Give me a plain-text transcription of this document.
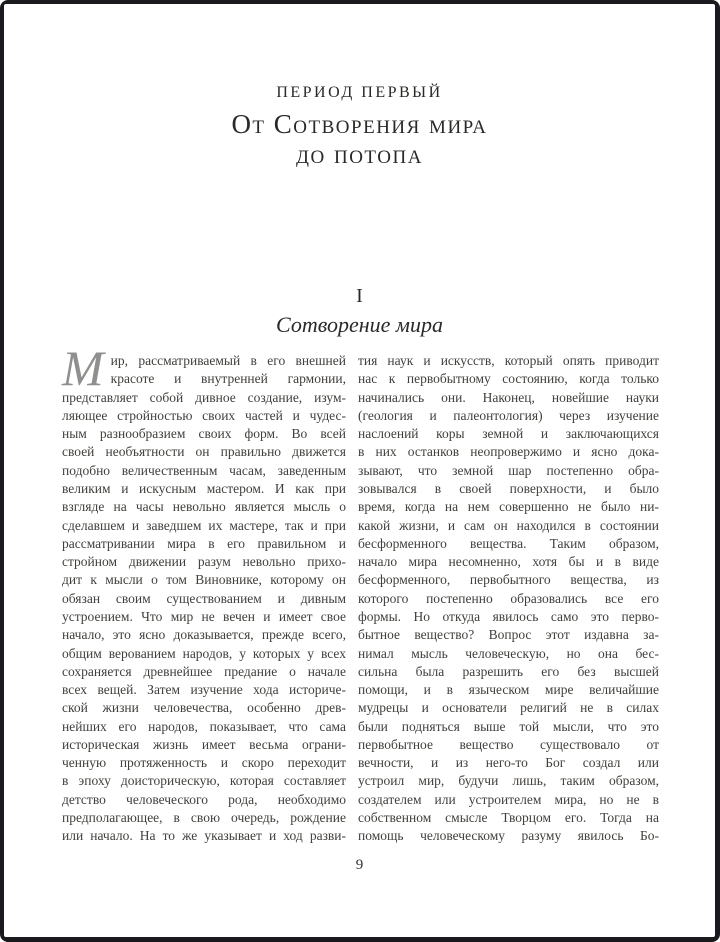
ПЕРИОД ПЕРВЫЙ
От Сотворения мира
до потопа
I
Сотворение мира
М ир, рассматриваемый в его внешней
красоте и внутренней гармонии,
представляет собой дивное создание, изум-
ляющее стройностью своих частей и чудес-
ным разнообразием своих форм. Во всей
своей необъятности он правильно движется
подобно величественным часам, заведенным
великим и искусным мастером. И как при
взгляде на часы невольно является мысль о
сделавшем и заведшем их мастере, так и при
рассматривании мира в его правильном и
стройном движении разум невольно прихо-
дит к мысли о том Виновнике, которому он
обязан своим существованием и дивным
устроением. Что мир не вечен и имеет свое
начало, это ясно доказывается, прежде всего,
общим верованием народов, у которых у всех
сохраняется древнейшее предание о начале
всех вещей. Затем изучение хода историче-
ской жизни человечества, особенно древ-
нейших его народов, показывает, что сама
историческая жизнь имеет весьма ограни-
ченную протяженность и скоро переходит
в эпоху доисторическую, которая составляет
детство человеческого рода, необходимо
предполагающее, в свою очередь, рождение
или начало. На то же указывает и ход разви-
тия наук и искусств, который опять приводит
нас к первобытному состоянию, когда только
начинались они. Наконец, новейшие науки
(геология и палеонтология) через изучение
наслоений коры земной и заключающихся
в них останков неопровержимо и ясно дока-
зывают, что земной шар постепенно обра-
зовывался в своей поверхности, и было
время, когда на нем совершенно не было ни-
какой жизни, и сам он находился в состоянии
бесформенного вещества. Таким образом,
начало мира несомненно, хотя бы и в виде
бесформенного, первобытного вещества, из
которого постепенно образовались все его
формы. Но откуда явилось само это перво-
бытное вещество? Вопрос этот издавна за-
нимал мысль человеческую, но она бес-
сильна была разрешить его без высшей
помощи, и в языческом мире величайшие
мудрецы и основатели религий не в силах
были подняться выше той мысли, что это
первобытное вещество существовало от
вечности, и из него-то Бог создал или
устроил мир, будучи лишь, таким образом,
создателем или устроителем мира, но не в
собственном смысле Творцом его. Тогда на
помощь человеческому разуму явилось Бо-
9
